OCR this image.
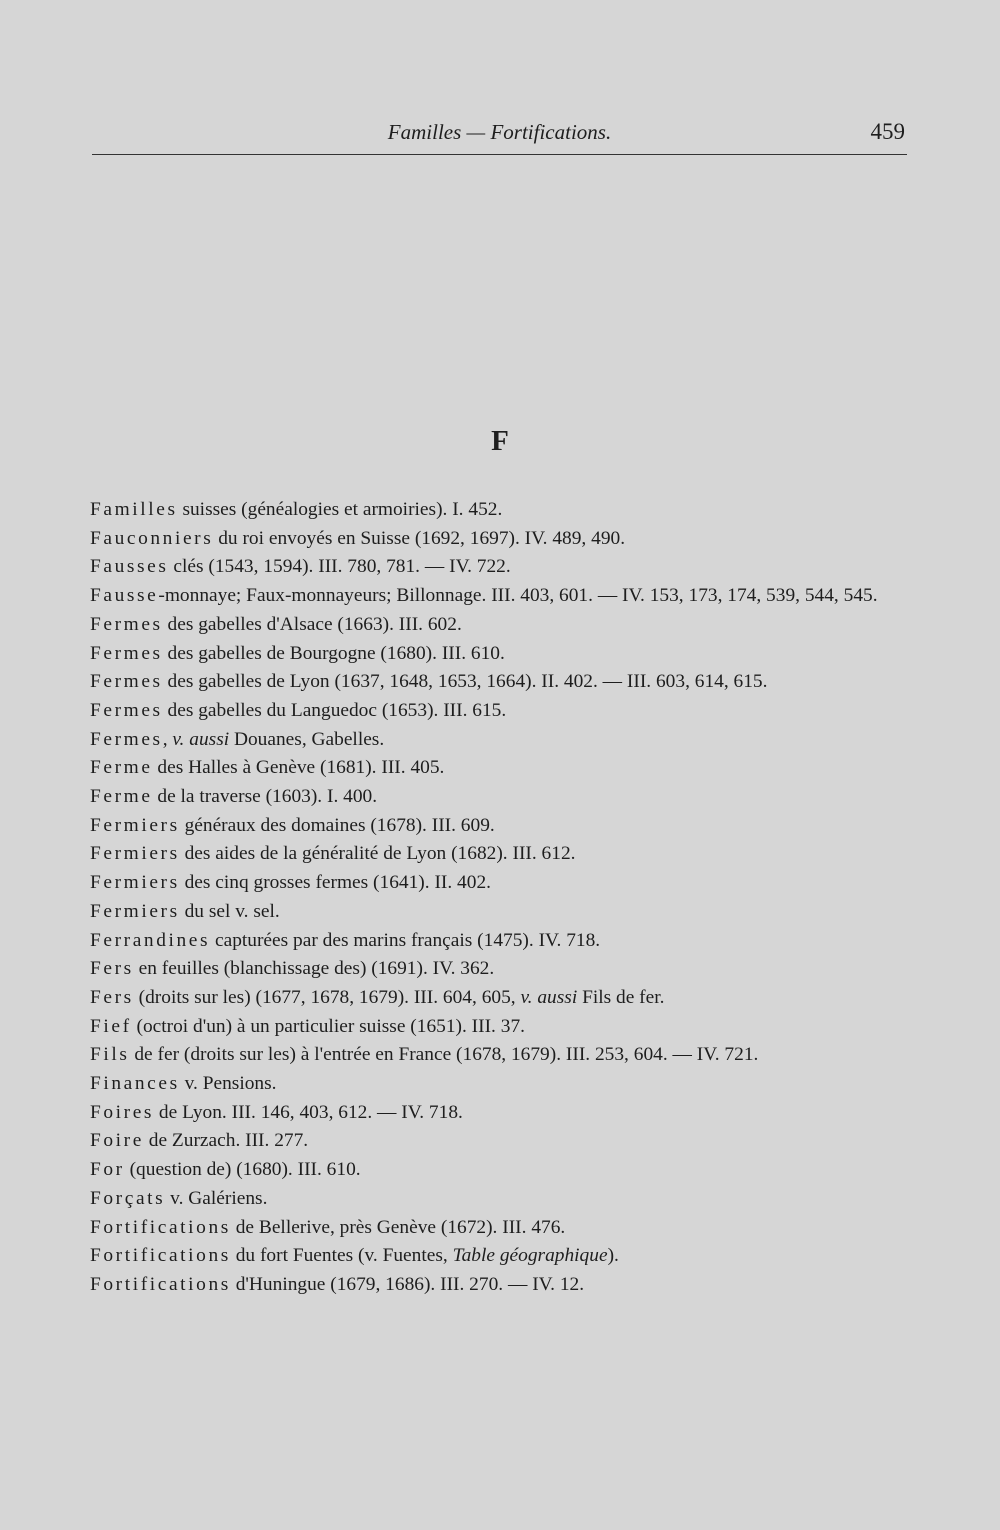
Familles — Fortifications.	459
F
Familles suisses (généalogies et armoiries). I. 452.
Fauconniers du roi envoyés en Suisse (1692, 1697). IV. 489, 490.
Fausses clés (1543, 1594). III. 780, 781. — IV. 722.
Fausse-monnaye; Faux-monnayeurs; Billonnage. III. 403, 601. — IV. 153, 173, 174, 539, 544, 545.
Fermes des gabelles d'Alsace (1663). III. 602.
Fermes des gabelles de Bourgogne (1680). III. 610.
Fermes des gabelles de Lyon (1637, 1648, 1653, 1664). II. 402. — III. 603, 614, 615.
Fermes des gabelles du Languedoc (1653). III. 615.
Fermes, v. aussi Douanes, Gabelles.
Ferme des Halles à Genève (1681). III. 405.
Ferme de la traverse (1603). I. 400.
Fermiers généraux des domaines (1678). III. 609.
Fermiers des aides de la généralité de Lyon (1682). III. 612.
Fermiers des cinq grosses fermes (1641). II. 402.
Fermiers du sel v. sel.
Ferrandines capturées par des marins français (1475). IV. 718.
Fers en feuilles (blanchissage des) (1691). IV. 362.
Fers (droits sur les) (1677, 1678, 1679). III. 604, 605, v. aussi Fils de fer.
Fief (octroi d'un) à un particulier suisse (1651). III. 37.
Fils de fer (droits sur les) à l'entrée en France (1678, 1679). III. 253, 604. — IV. 721.
Finances v. Pensions.
Foires de Lyon. III. 146, 403, 612. — IV. 718.
Foire de Zurzach. III. 277.
For (question de) (1680). III. 610.
Forçats v. Galériens.
Fortifications de Bellerive, près Genève (1672). III. 476.
Fortifications du fort Fuentes (v. Fuentes, Table géographique).
Fortifications d'Huningue (1679, 1686). III. 270. — IV. 12.
